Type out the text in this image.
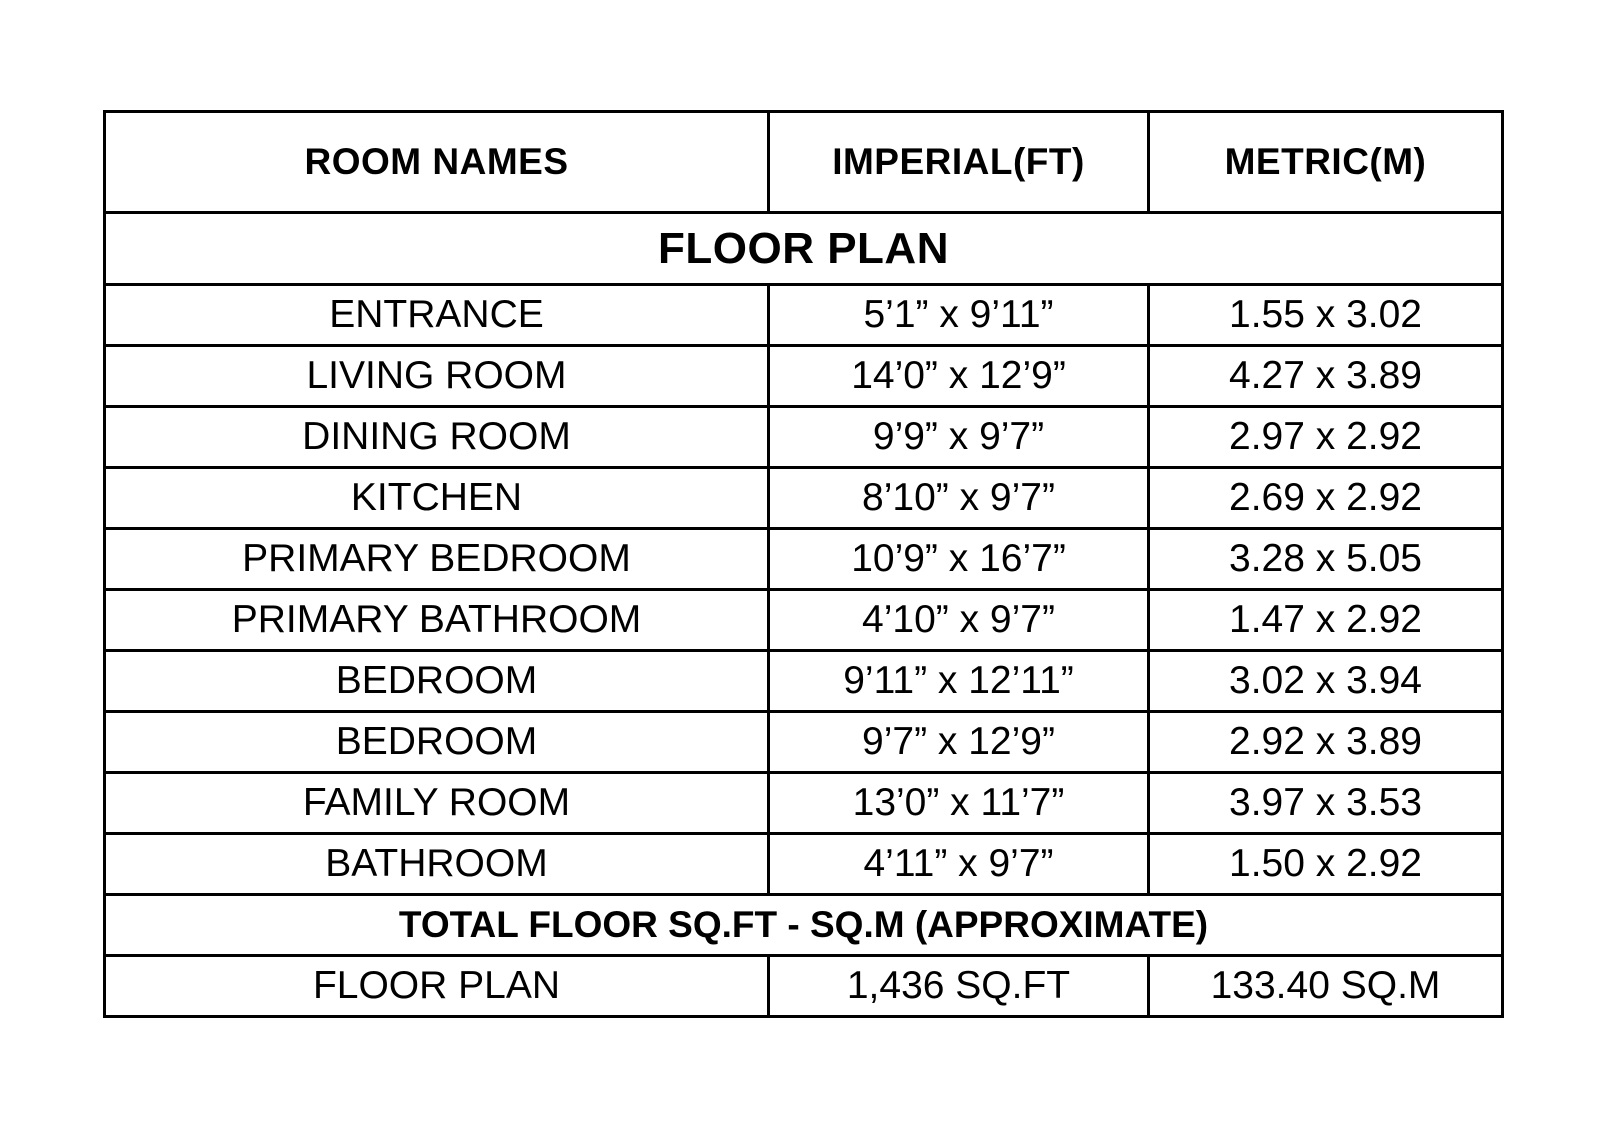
ROOM NAMES	IMPERIAL(FT)	METRIC(M)
FLOOR PLAN		
ENTRANCE	5’1” x 9’11”	1.55 x 3.02
LIVING ROOM	14’0” x 12’9”	4.27 x 3.89
DINING ROOM	9’9” x 9’7”	2.97 x 2.92
KITCHEN	8’10” x 9’7”	2.69 x 2.92
PRIMARY BEDROOM	10’9” x 16’7”	3.28 x 5.05
PRIMARY BATHROOM	4’10” x 9’7”	1.47 x 2.92
BEDROOM	9’11” x 12’11”	3.02 x 3.94
BEDROOM	9’7” x 12’9”	2.92 x 3.89
FAMILY ROOM	13’0” x 11’7”	3.97 x 3.53
BATHROOM	4’11” x 9’7”	1.50 x 2.92
TOTAL FLOOR SQ.FT - SQ.M (APPROXIMATE)		
FLOOR PLAN	1,436 SQ.FT	133.40 SQ.M
